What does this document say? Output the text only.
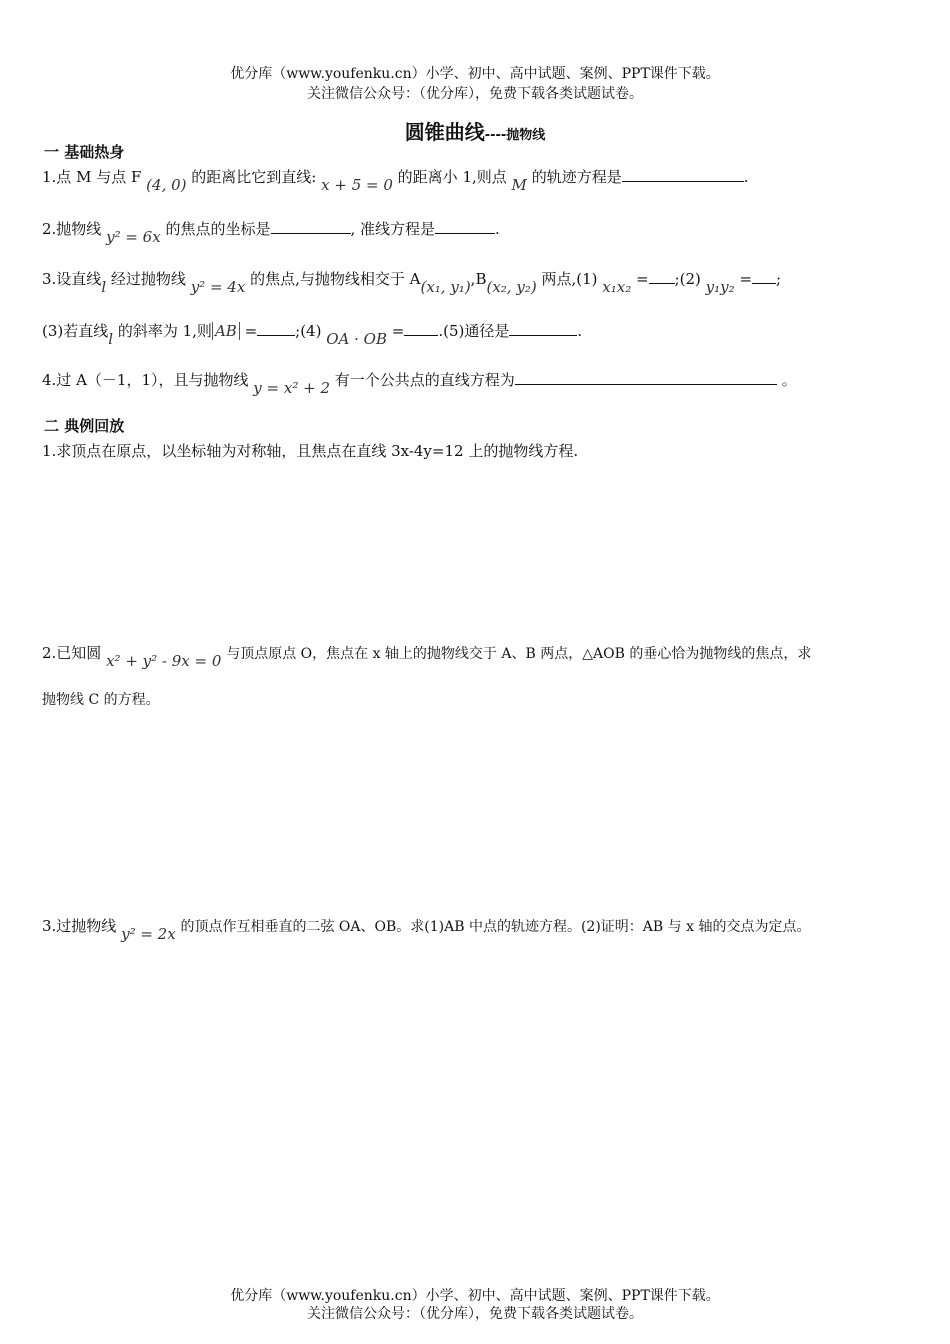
优分库（www.youfenku.cn）小学、初中、高中试题、案例、PPT课件下载。
关注微信公众号：（优分库），免费下载各类试题试卷。
圆锥曲线----抛物线
一 基础热身
1.点 M 与点 F (4, 0) 的距离比它到直线: x + 5 = 0 的距离小 1,则点 M 的轨迹方程是	.
2.抛物线 y² = 6x 的焦点的坐标是	, 准线方程是	.
3.设直线l 经过抛物线 y² = 4x 的焦点,与抛物线相交于 A(x₁, y₁),B(x₂, y₂) 两点,(1) x₁x₂ = ;(2) y₁y₂ = ;
(3)若直线l 的斜率为 1,则 AB =	;(4) OA · OB = .(5)通径是	.
4.过 A（－1，1），且与抛物线 y = x² + 2 有一个公共点的直线方程为	。
二 典例回放
1.求顶点在原点，以坐标轴为对称轴，且焦点在直线 3x-4y=12 上的抛物线方程.
2.已知圆 x² + y² - 9x = 0 与顶点原点 O，焦点在 x 轴上的抛物线交于 A、B 两点，△AOB 的垂心恰为抛物线的焦点，求
抛物线 C 的方程。
3.过抛物线 y² = 2x 的顶点作互相垂直的二弦 OA、OB。求(1)AB 中点的轨迹方程。(2)证明：AB 与 x 轴的交点为定点。
优分库（www.youfenku.cn）小学、初中、高中试题、案例、PPT课件下载。
关注微信公众号：（优分库），免费下载各类试题试卷。
